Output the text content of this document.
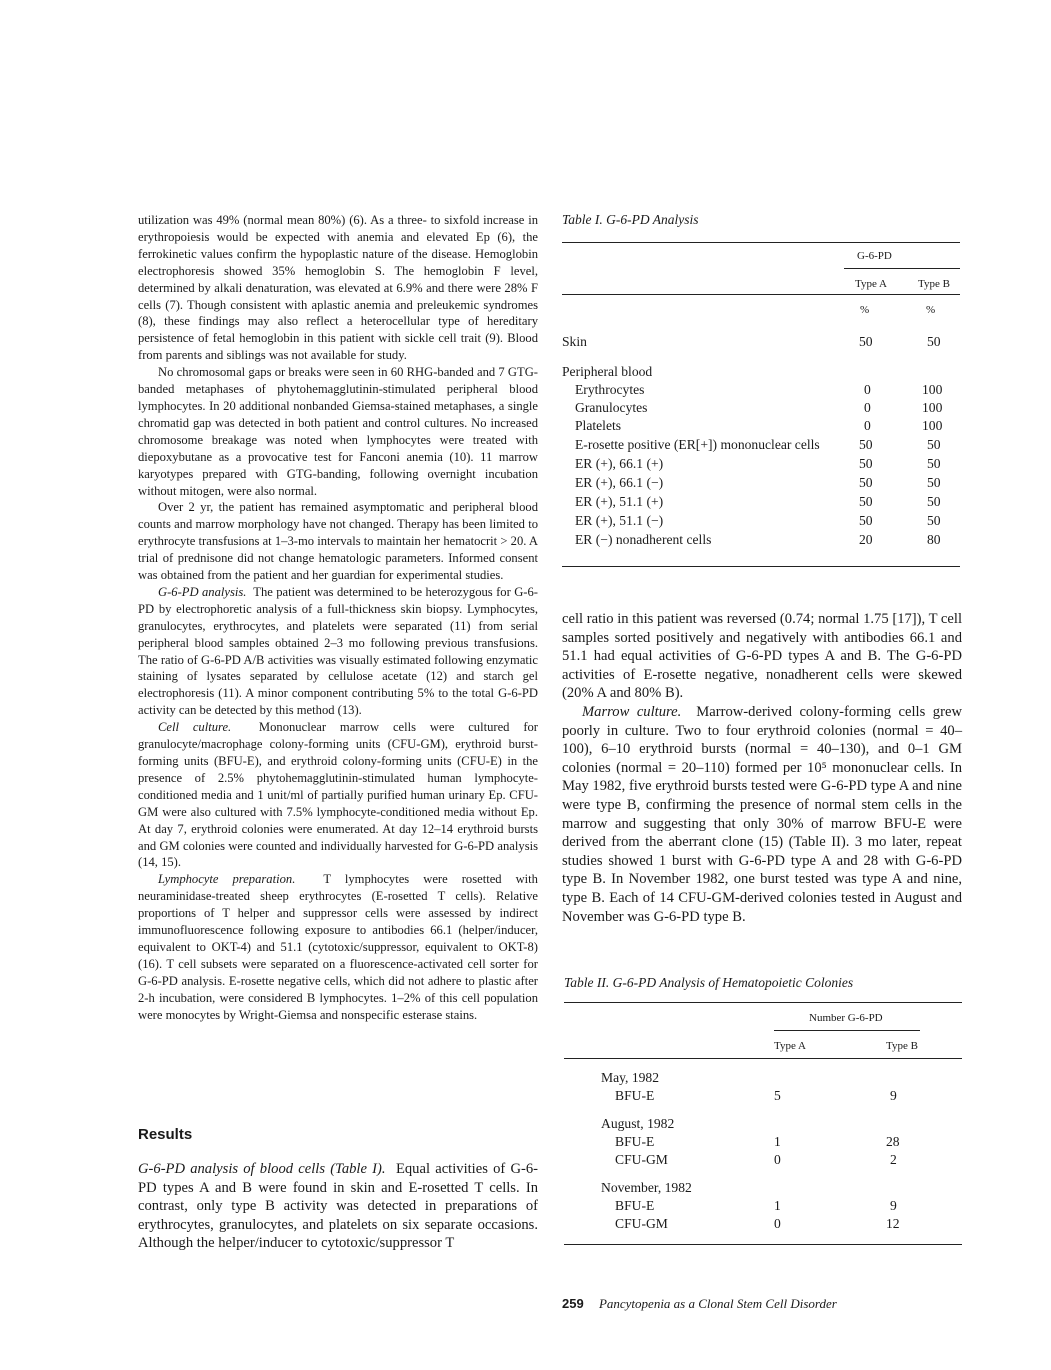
utilization was 49% (normal mean 80%) (6). As a three- to sixfold increase in erythropoiesis would be expected with anemia and elevated Ep (6), the ferrokinetic values confirm the hypoplastic nature of the disease. Hemoglobin electrophoresis showed 35% hemoglobin S. The hemoglobin F level, determined by alkali denaturation, was elevated at 6.9% and there were 28% F cells (7). Though consistent with aplastic anemia and preleukemic syndromes (8), these findings may also reflect a heterocellular type of hereditary persistence of fetal hemoglobin in this patient with sickle cell trait (9). Blood from parents and siblings was not available for study.

No chromosomal gaps or breaks were seen in 60 RHG-banded and 7 GTG-banded metaphases of phytohemagglutinin-stimulated peripheral blood lymphocytes. In 20 additional nonbanded Giemsa-stained metaphases, a single chromatid gap was detected in both patient and control cultures. No increased chromosome breakage was noted when lymphocytes were treated with diepoxybutane as a provocative test for Fanconi anemia (10). 11 marrow karyotypes prepared with GTG-banding, following overnight incubation without mitogen, were also normal.

Over 2 yr, the patient has remained asymptomatic and peripheral blood counts and marrow morphology have not changed. Therapy has been limited to erythrocyte transfusions at 1–3-mo intervals to maintain her hematocrit > 20. A trial of prednisone did not change hematologic parameters. Informed consent was obtained from the patient and her guardian for experimental studies.

G-6-PD analysis. The patient was determined to be heterozygous for G-6-PD by electrophoretic analysis of a full-thickness skin biopsy. Lymphocytes, granulocytes, erythrocytes, and platelets were separated (11) from serial peripheral blood samples obtained 2–3 mo following previous transfusions. The ratio of G-6-PD A/B activities was visually estimated following enzymatic staining of lysates separated by cellulose acetate (12) and starch gel electrophoresis (11). A minor component contributing 5% to the total G-6-PD activity can be detected by this method (13).

Cell culture. Mononuclear marrow cells were cultured for granulocyte/macrophage colony-forming units (CFU-GM), erythroid burst-forming units (BFU-E), and erythroid colony-forming units (CFU-E) in the presence of 2.5% phytohemagglutinin-stimulated human lymphocyte-conditioned media and 1 unit/ml of partially purified human urinary Ep. CFU-GM were also cultured with 7.5% lymphocyte-conditioned media without Ep. At day 7, erythroid colonies were enumerated. At day 12–14 erythroid bursts and GM colonies were counted and individually harvested for G-6-PD analysis (14, 15).

Lymphocyte preparation. T lymphocytes were rosetted with neuraminidase-treated sheep erythrocytes (E-rosetted T cells). Relative proportions of T helper and suppressor cells were assessed by indirect immunofluorescence following exposure to antibodies 66.1 (helper/inducer, equivalent to OKT-4) and 51.1 (cytotoxic/suppressor, equivalent to OKT-8) (16). T cell subsets were separated on a fluorescence-activated cell sorter for G-6-PD analysis. E-rosette negative cells, which did not adhere to plastic after 2-h incubation, were considered B lymphocytes. 1–2% of this cell population were monocytes by Wright-Giemsa and nonspecific esterase stains.

Results

G-6-PD analysis of blood cells (Table I). Equal activities of G-6-PD types A and B were found in skin and E-rosetted T cells. In contrast, only type B activity was detected in preparations of erythrocytes, granulocytes, and platelets on six separate occasions. Although the helper/inducer to cytotoxic/suppressor T

Table I. G-6-PD Analysis
G-6-PD
Type A	Type B
%	%
Skin	50	50
Peripheral blood
Erythrocytes	0	100
Granulocytes	0	100
Platelets	0	100
E-rosette positive (ER[+]) mononuclear cells	50	50
ER (+), 66.1 (+)	50	50
ER (+), 66.1 (−)	50	50
ER (+), 51.1 (+)	50	50
ER (+), 51.1 (−)	50	50
ER (−) nonadherent cells	20	80

cell ratio in this patient was reversed (0.74; normal 1.75 [17]), T cell samples sorted positively and negatively with antibodies 66.1 and 51.1 had equal activities of G-6-PD types A and B. The G-6-PD activities of E-rosette negative, nonadherent cells were skewed (20% A and 80% B).

Marrow culture. Marrow-derived colony-forming cells grew poorly in culture. Two to four erythroid colonies (normal = 40–100), 6–10 erythroid bursts (normal = 40–130), and 0–1 GM colonies (normal = 20–110) formed per 10⁵ mononuclear cells. In May 1982, five erythroid bursts tested were G-6-PD type A and nine were type B, confirming the presence of normal stem cells in the marrow and suggesting that only 30% of marrow BFU-E were derived from the aberrant clone (15) (Table II). 3 mo later, repeat studies showed 1 burst with G-6-PD type A and 28 with G-6-PD type B. In November 1982, one burst tested was type A and nine, type B. Each of 14 CFU-GM-derived colonies tested in August and November was G-6-PD type B.

Table II. G-6-PD Analysis of Hematopoietic Colonies
Number G-6-PD
Type A	Type B
May, 1982
BFU-E	5	9
August, 1982
BFU-E	1	28
CFU-GM	0	2
November, 1982
BFU-E	1	9
CFU-GM	0	12
259 Pancytopenia as a Clonal Stem Cell Disorder
